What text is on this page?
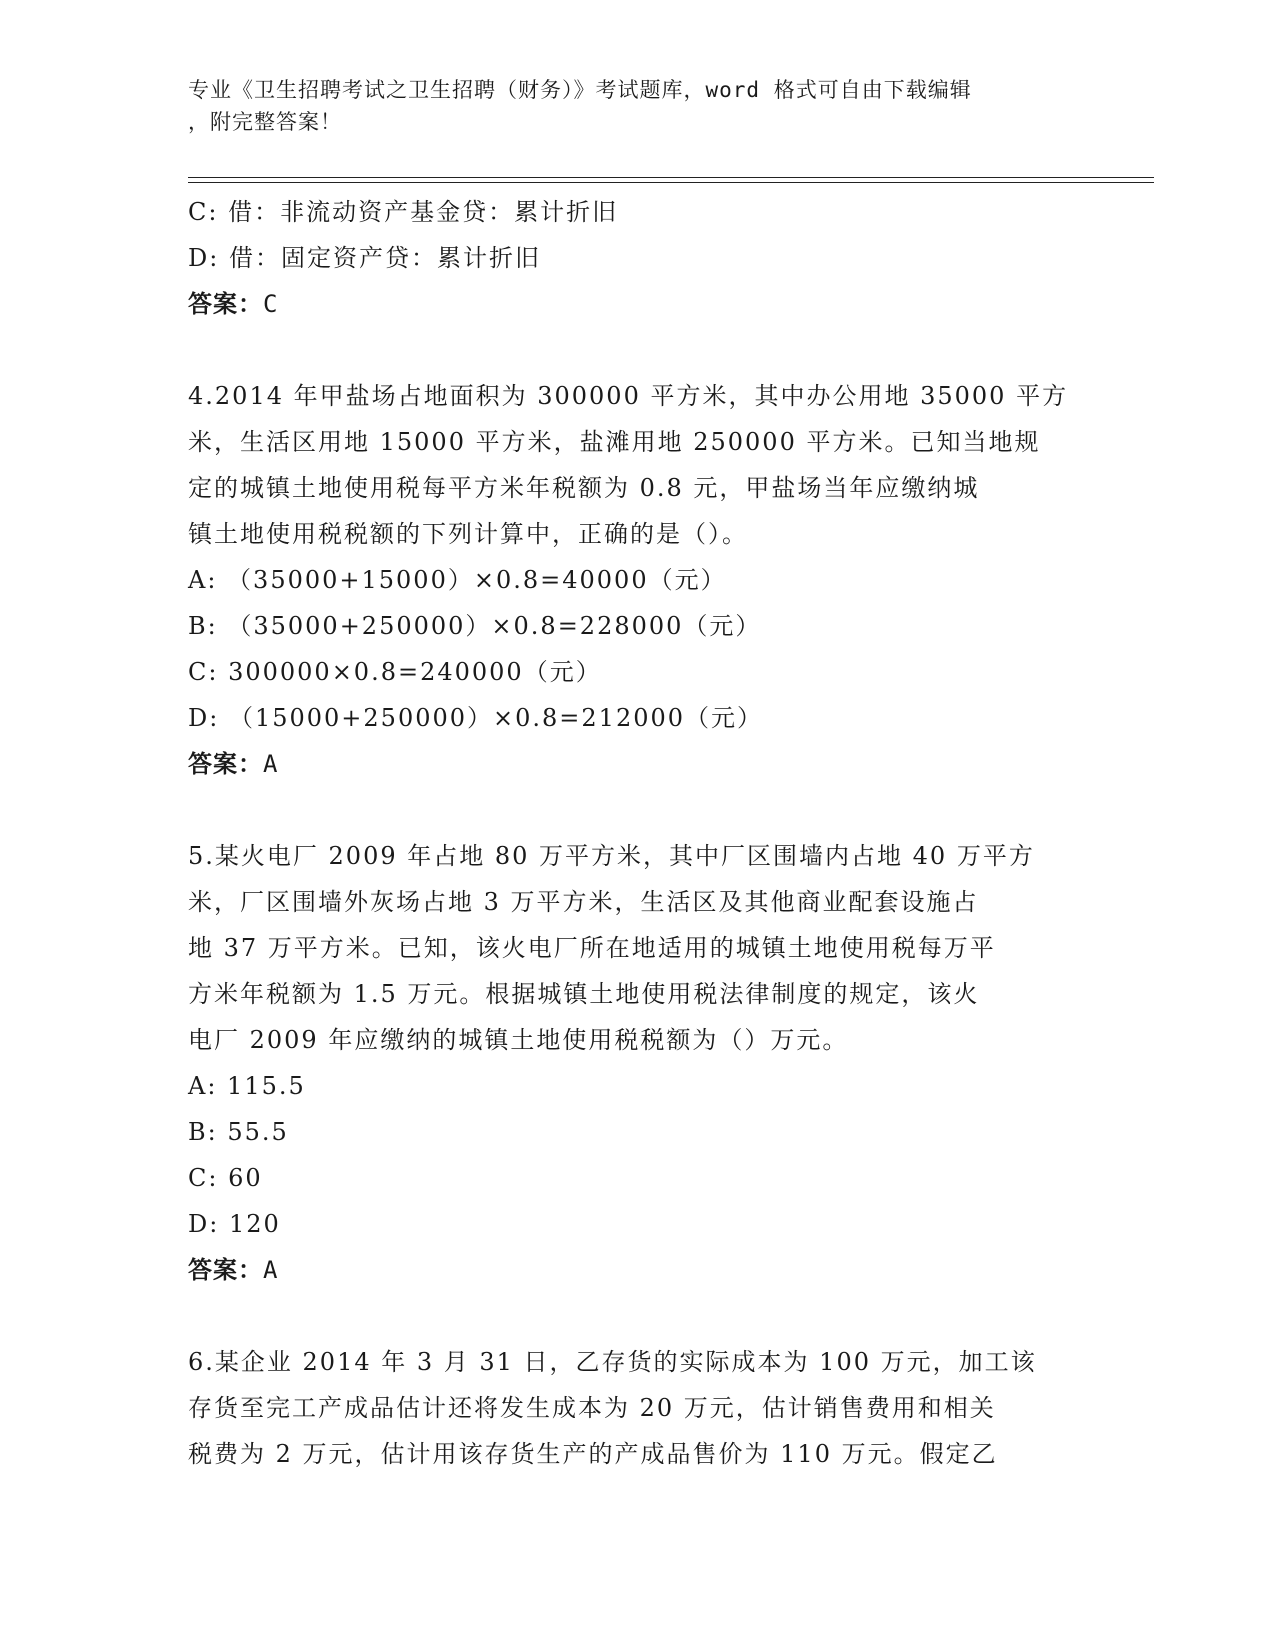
专业《卫生招聘考试之卫生招聘（财务）》考试题库，word 格式可自由下载编辑
，附完整答案！
C: 借：非流动资产基金贷：累计折旧
D: 借：固定资产贷：累计折旧
答案：C
4.2014 年甲盐场占地面积为 300000 平方米，其中办公用地 35000 平方
米，生活区用地 15000 平方米，盐滩用地 250000 平方米。已知当地规
定的城镇土地使用税每平方米年税额为 0.8 元，甲盐场当年应缴纳城
镇土地使用税税额的下列计算中，正确的是（）。
A: （35000+15000）×0.8=40000（元）
B: （35000+250000）×0.8=228000（元）
C: 300000×0.8=240000（元）
D: （15000+250000）×0.8=212000（元）
答案：A
5.某火电厂 2009 年占地 80 万平方米，其中厂区围墙内占地 40 万平方
米，厂区围墙外灰场占地 3 万平方米，生活区及其他商业配套设施占
地 37 万平方米。已知，该火电厂所在地适用的城镇土地使用税每万平
方米年税额为 1.5 万元。根据城镇土地使用税法律制度的规定，该火
电厂 2009 年应缴纳的城镇土地使用税税额为（）万元。
A: 115.5
B: 55.5
C: 60
D: 120
答案：A
6.某企业 2014 年 3 月 31 日，乙存货的实际成本为 100 万元，加工该
存货至完工产成品估计还将发生成本为 20 万元，估计销售费用和相关
税费为 2 万元，估计用该存货生产的产成品售价为 110 万元。假定乙
